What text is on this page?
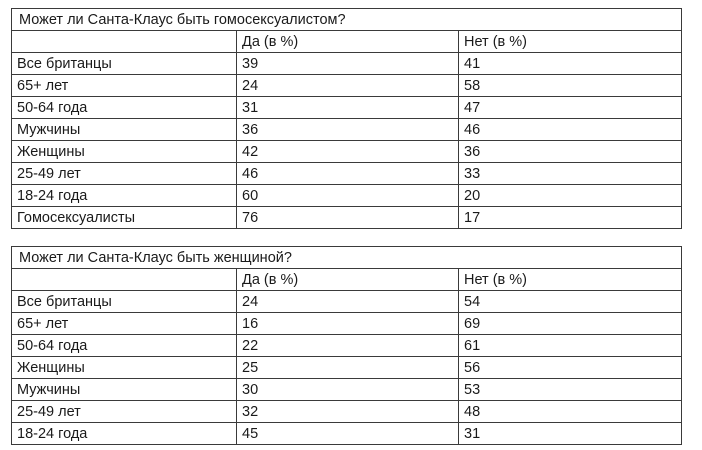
Может ли Санта-Клаус быть гомосексуалистом?		
	Да (в %)	Нет (в %)
Все британцы	39	41
65+ лет	24	58
50-64 года	31	47
Мужчины	36	46
Женщины	42	36
25-49 лет	46	33
18-24 года	60	20
Гомосексуалисты	76	17
Может ли Санта-Клаус быть женщиной?		
	Да (в %)	Нет (в %)
Все британцы	24	54
65+ лет	16	69
50-64 года	22	61
Женщины	25	56
Мужчины	30	53
25-49 лет	32	48
18-24 года	45	31
